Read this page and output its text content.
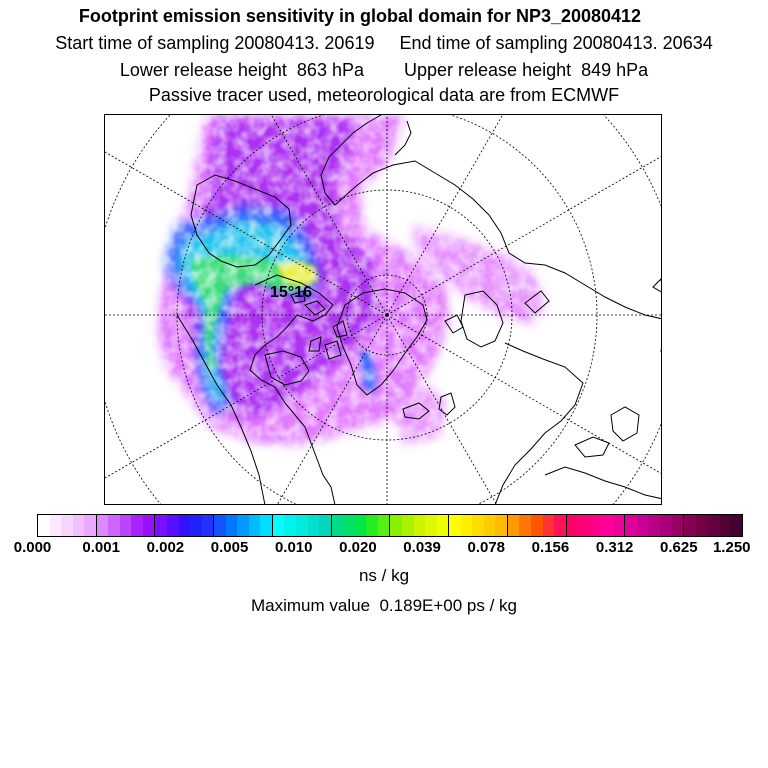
Footprint emission sensitivity in global domain for NP3_20080412
Start time of sampling 20080413. 20619 End time of sampling 20080413. 20634
Lower release height  863 hPa Upper release height  849 hPa
Passive tracer used, meteorological data are from ECMWF
15°16
0.000 0.001 0.002 0.005 0.010 0.020 0.039 0.078 0.156 0.312 0.625 1.250
ns / kg
Maximum value  0.189E+00 ps / kg
